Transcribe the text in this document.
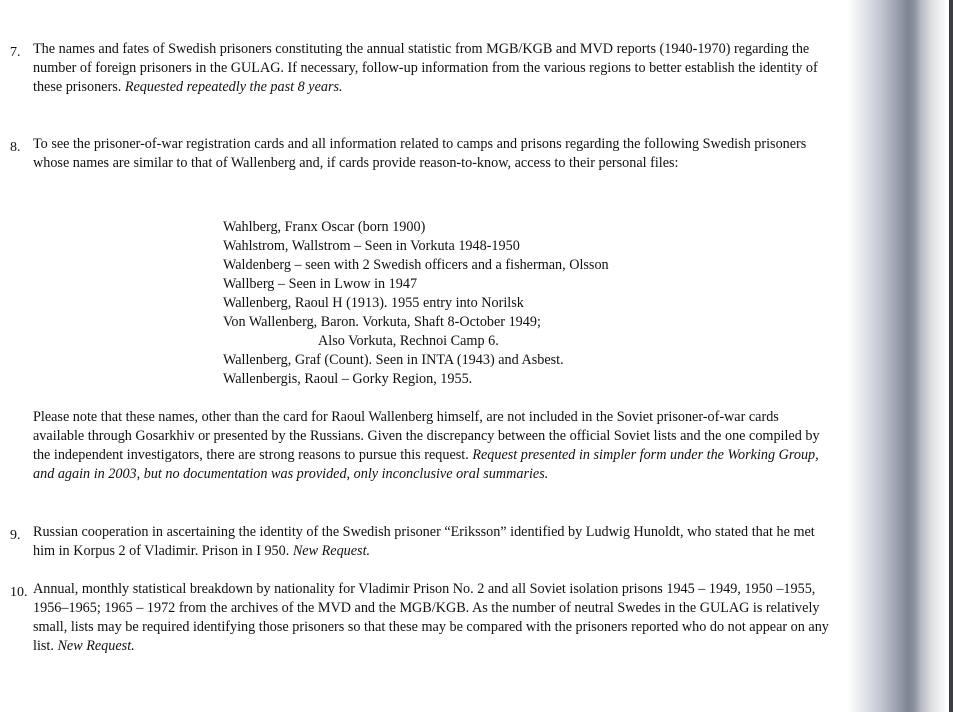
7. The names and fates of Swedish prisoners constituting the annual statistic from MGB/KGB and MVD reports (1940-1970) regarding the number of foreign prisoners in the GULAG. If necessary, follow-up information from the various regions to better establish the identity of these prisoners. Requested repeatedly the past 8 years.
8. To see the prisoner-of-war registration cards and all information related to camps and prisons regarding the following Swedish prisoners whose names are similar to that of Wallenberg and, if cards provide reason-to-know, access to their personal files:
Wahlberg, Franx Oscar (born 1900)
Wahlstrom, Wallstrom – Seen in Vorkuta 1948-1950
Waldenberg – seen with 2 Swedish officers and a fisherman, Olsson
Wallberg – Seen in Lwow in 1947
Wallenberg, Raoul H (1913). 1955 entry into Norilsk
Von Wallenberg, Baron. Vorkuta, Shaft 8-October 1949;
Also Vorkuta, Rechnoi Camp 6.
Wallenberg, Graf (Count). Seen in INTA (1943) and Asbest.
Wallenbergis, Raoul – Gorky Region, 1955.
Please note that these names, other than the card for Raoul Wallenberg himself, are not included in the Soviet prisoner-of-war cards available through Gosarkhiv or presented by the Russians. Given the discrepancy between the official Soviet lists and the one compiled by the independent investigators, there are strong reasons to pursue this request. Request presented in simpler form under the Working Group, and again in 2003, but no documentation was provided, only inconclusive oral summaries.
9. Russian cooperation in ascertaining the identity of the Swedish prisoner “Eriksson” identified by Ludwig Hunoldt, who stated that he met him in Korpus 2 of Vladimir. Prison in I 950. New Request.
10. Annual, monthly statistical breakdown by nationality for Vladimir Prison No. 2 and all Soviet isolation prisons 1945 – 1949, 1950 –1955, 1956–1965; 1965 – 1972 from the archives of the MVD and the MGB/KGB. As the number of neutral Swedes in the GULAG is relatively small, lists may be required identifying those prisoners so that these may be compared with the prisoners reported who do not appear on any list. New Request.
